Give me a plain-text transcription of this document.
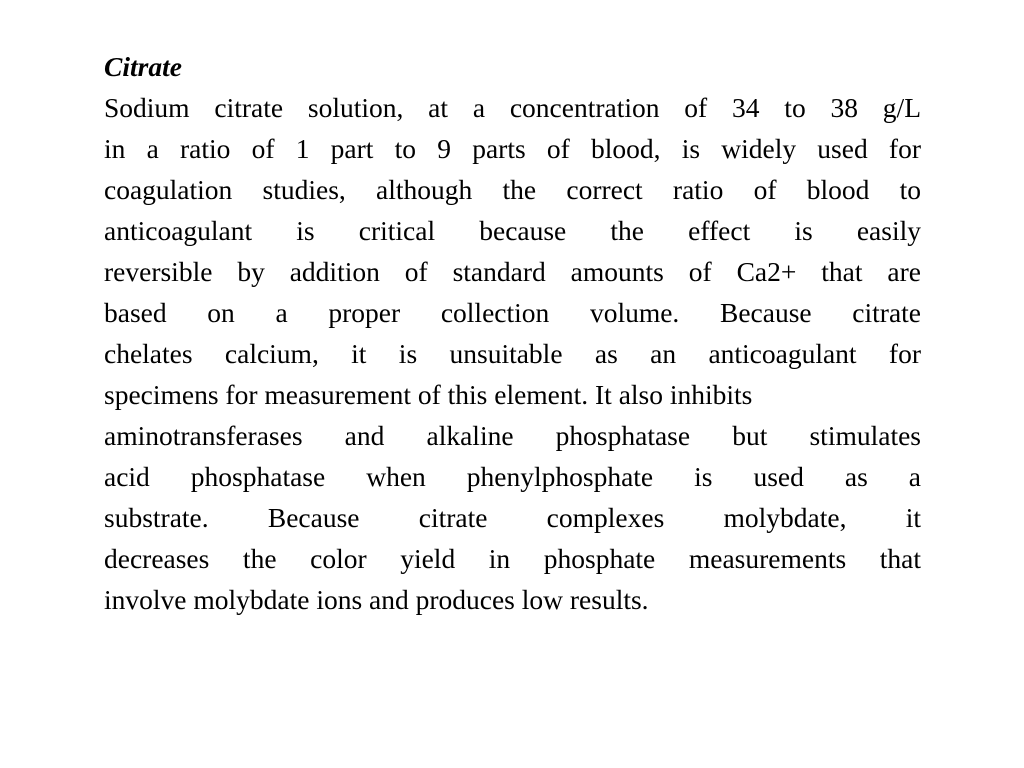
Citrate

Sodium citrate solution, at a concentration of 34 to 38 g/L
in a ratio of 1 part to 9 parts of blood, is widely used for
coagulation studies, although the correct ratio of blood to
anticoagulant is critical because the effect is easily
reversible by addition of standard amounts of Ca2+ that are
based on a proper collection volume. Because citrate
chelates calcium, it is unsuitable as an anticoagulant for
specimens for measurement of this element. It also inhibits
aminotransferases and alkaline phosphatase but stimulates
acid phosphatase when phenylphosphate is used as a
substrate. Because citrate complexes molybdate, it
decreases the color yield in phosphate measurements that
involve molybdate ions and produces low results.
